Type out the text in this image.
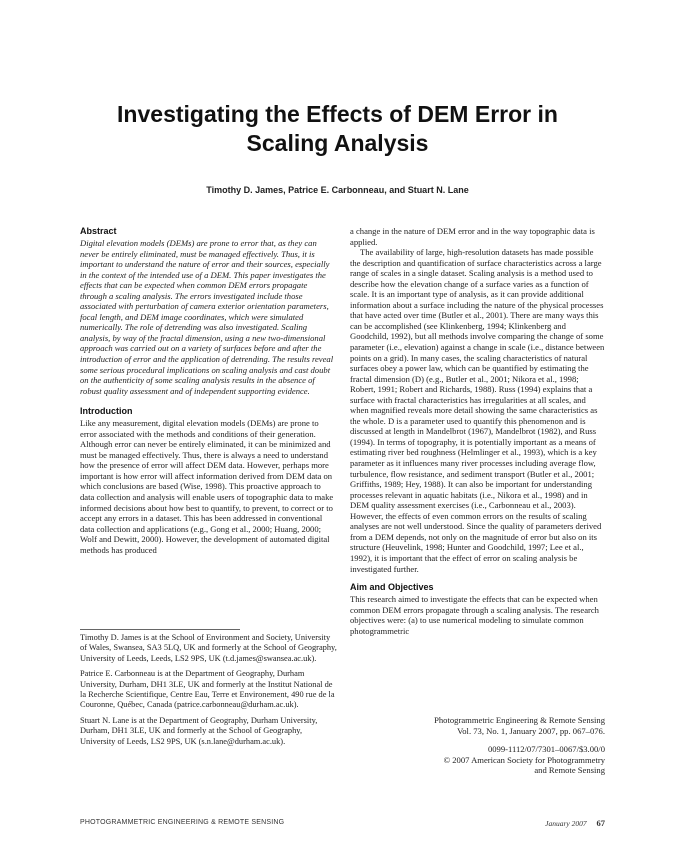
Investigating the Effects of DEM Error in
Scaling Analysis
Timothy D. James, Patrice E. Carbonneau, and Stuart N. Lane
Abstract

Digital elevation models (DEMs) are prone to error that, as they can never be entirely eliminated, must be managed effectively. Thus, it is important to understand the nature of error and their sources, especially in the context of the intended use of a DEM. This paper investigates the effects that can be expected when common DEM errors propagate through a scaling analysis. The errors investigated include those associated with perturbation of camera exterior orientation parameters, focal length, and DEM image coordinates, which were simulated numerically. The role of detrending was also investigated. Scaling analysis, by way of the fractal dimension, using a new two-dimensional approach was carried out on a variety of surfaces before and after the introduction of error and the application of detrending. The results reveal some serious procedural implications on scaling analysis and cast doubt on the authenticity of some scaling analysis results in the absence of robust quality assessment and of independent supporting evidence.

Introduction

Like any measurement, digital elevation models (DEMs) are prone to error associated with the methods and conditions of their generation. Although error can never be entirely eliminated, it can be minimized and must be managed effectively. Thus, there is always a need to understand how the presence of error will affect DEM data. However, perhaps more important is how error will affect information derived from DEM data on which conclusions are based (Wise, 1998). This proactive approach to data collection and analysis will enable users of topographic data to make informed decisions about how best to quantify, to prevent, to correct or to accept any errors in a dataset. This has been addressed in conventional data collection and applications (e.g., Gong et al., 2000; Huang, 2000; Wolf and Dewitt, 2000). However, the development of automated digital methods has produced

a change in the nature of DEM error and in the way topographic data is applied.

The availability of large, high-resolution datasets has made possible the description and quantification of surface characteristics across a large range of scales in a single dataset. Scaling analysis is a method used to describe how the elevation change of a surface varies as a function of scale. It is an important type of analysis, as it can provide additional information about a surface including the nature of the physical processes that have acted over time (Butler et al., 2001). There are many ways this can be accomplished (see Klinkenberg, 1994; Klinkenberg and Goodchild, 1992), but all methods involve comparing the change of some parameter (i.e., elevation) against a change in scale (i.e., distance between points on a grid). In many cases, the scaling characteristics of natural surfaces obey a power law, which can be quantified by estimating the fractal dimension (D) (e.g., Butler et al., 2001; Nikora et al., 1998; Robert, 1991; Robert and Richards, 1988). Russ (1994) explains that a surface with fractal characteristics has irregularities at all scales, and when magnified reveals more detail showing the same characteristics as the whole. D is a parameter used to quantify this phenomenon and is discussed at length in Mandelbrot (1967), Mandelbrot (1982), and Russ (1994). In terms of topography, it is potentially important as a means of estimating river bed roughness (Helmlinger et al., 1993), which is a key parameter as it influences many river processes including average flow, turbulence, flow resistance, and sediment transport (Butler et al., 2001; Griffiths, 1989; Hey, 1988). It can also be important for understanding processes relevant in aquatic habitats (i.e., Nikora et al., 1998) and in DEM quality assessment exercises (i.e., Carbonneau et al., 2003). However, the effects of even common errors on the results of scaling analyses are not well understood. Since the quality of parameters derived from a DEM depends, not only on the magnitude of error but also on its structure (Heuvelink, 1998; Hunter and Goodchild, 1997; Lee et al., 1992), it is important that the effect of error on scaling analysis be investigated further.

Aim and Objectives

This research aimed to investigate the effects that can be expected when common DEM errors propagate through a scaling analysis. The research objectives were: (a) to use numerical modeling to simulate common photogrammetric

Timothy D. James is at the School of Environment and Society, University of Wales, Swansea, SA3 5LQ, UK and formerly at the School of Geography, University of Leeds, Leeds, LS2 9PS, UK (t.d.james@swansea.ac.uk).

Patrice E. Carbonneau is at the Department of Geography, Durham University, Durham, DH1 3LE, UK and formerly at the Institut National de la Recherche Scientifique, Centre Eau, Terre et Environement, 490 rue de la Couronne, Québec, Canada (patrice.carbonneau@durham.ac.uk).

Stuart N. Lane is at the Department of Geography, Durham University, Durham, DH1 3LE, UK and formerly at the School of Geography, University of Leeds, LS2 9PS, UK (s.n.lane@durham.ac.uk).

Photogrammetric Engineering & Remote Sensing
Vol. 73, No. 1, January 2007, pp. 067–076.
0099-1112/07/7301–0067/$3.00/0
© 2007 American Society for Photogrammetry
and Remote Sensing
PHOTOGRAMMETRIC ENGINEERING & REMOTE SENSING	January 2007 67
